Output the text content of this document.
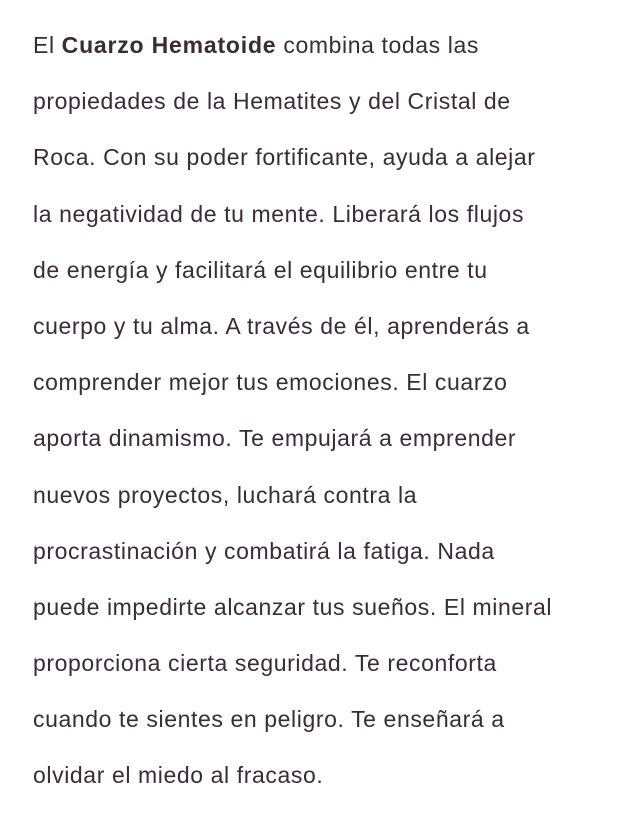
El Cuarzo Hematoide combina todas las
propiedades de la Hematites y del Cristal de
Roca. Con su poder fortificante, ayuda a alejar
la negatividad de tu mente. Liberará los flujos
de energía y facilitará el equilibrio entre tu
cuerpo y tu alma. A través de él, aprenderás a
comprender mejor tus emociones. El cuarzo
aporta dinamismo. Te empujará a emprender
nuevos proyectos, luchará contra la
procrastinación y combatirá la fatiga. Nada
puede impedirte alcanzar tus sueños. El mineral
proporciona cierta seguridad. Te reconforta
cuando te sientes en peligro. Te enseñará a
olvidar el miedo al fracaso.
